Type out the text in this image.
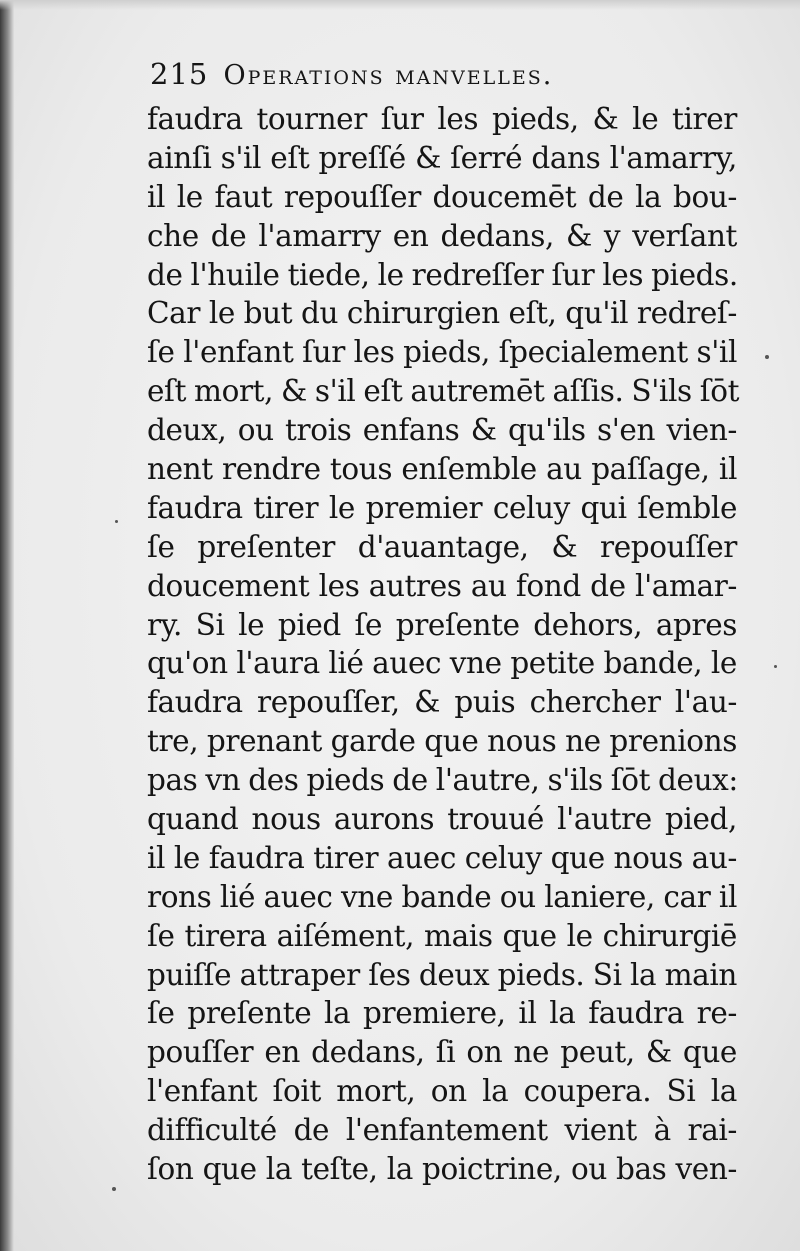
215 Operations manvelles.
faudra tourner ſur les pieds, & le tirer
ainſi s'il eſt preſſé & ſerré dans l'amarry,
il le faut repouſſer doucemēt de la bou-
che de l'amarry en dedans, & y verſant
de l'huile tiede, le redreſſer ſur les pieds.
Car le but du chirurgien eſt, qu'il redreſ-
ſe l'enfant ſur les pieds, ſpecialement s'il
eſt mort, & s'il eſt autremēt aſſis. S'ils ſōt
deux, ou trois enfans & qu'ils s'en vien-
nent rendre tous enſemble au paſſage, il
faudra tirer le premier celuy qui ſemble
ſe preſenter d'auantage, & repouſſer
doucement les autres au fond de l'amar-
ry. Si le pied ſe preſente dehors, apres
qu'on l'aura lié auec vne petite bande, le
faudra repouſſer, & puis chercher l'au-
tre, prenant garde que nous ne prenions
pas vn des pieds de l'autre, s'ils ſōt deux:
quand nous aurons trouué l'autre pied,
il le faudra tirer auec celuy que nous au-
rons lié auec vne bande ou laniere, car il
ſe tirera aiſément, mais que le chirurgiē
puiſſe attraper ſes deux pieds. Si la main
ſe preſente la premiere, il la faudra re-
pouſſer en dedans, ſi on ne peut, & que
l'enfant ſoit mort, on la coupera. Si la
difficulté de l'enfantement vient à rai-
ſon que la teſte, la poictrine, ou bas ven-
